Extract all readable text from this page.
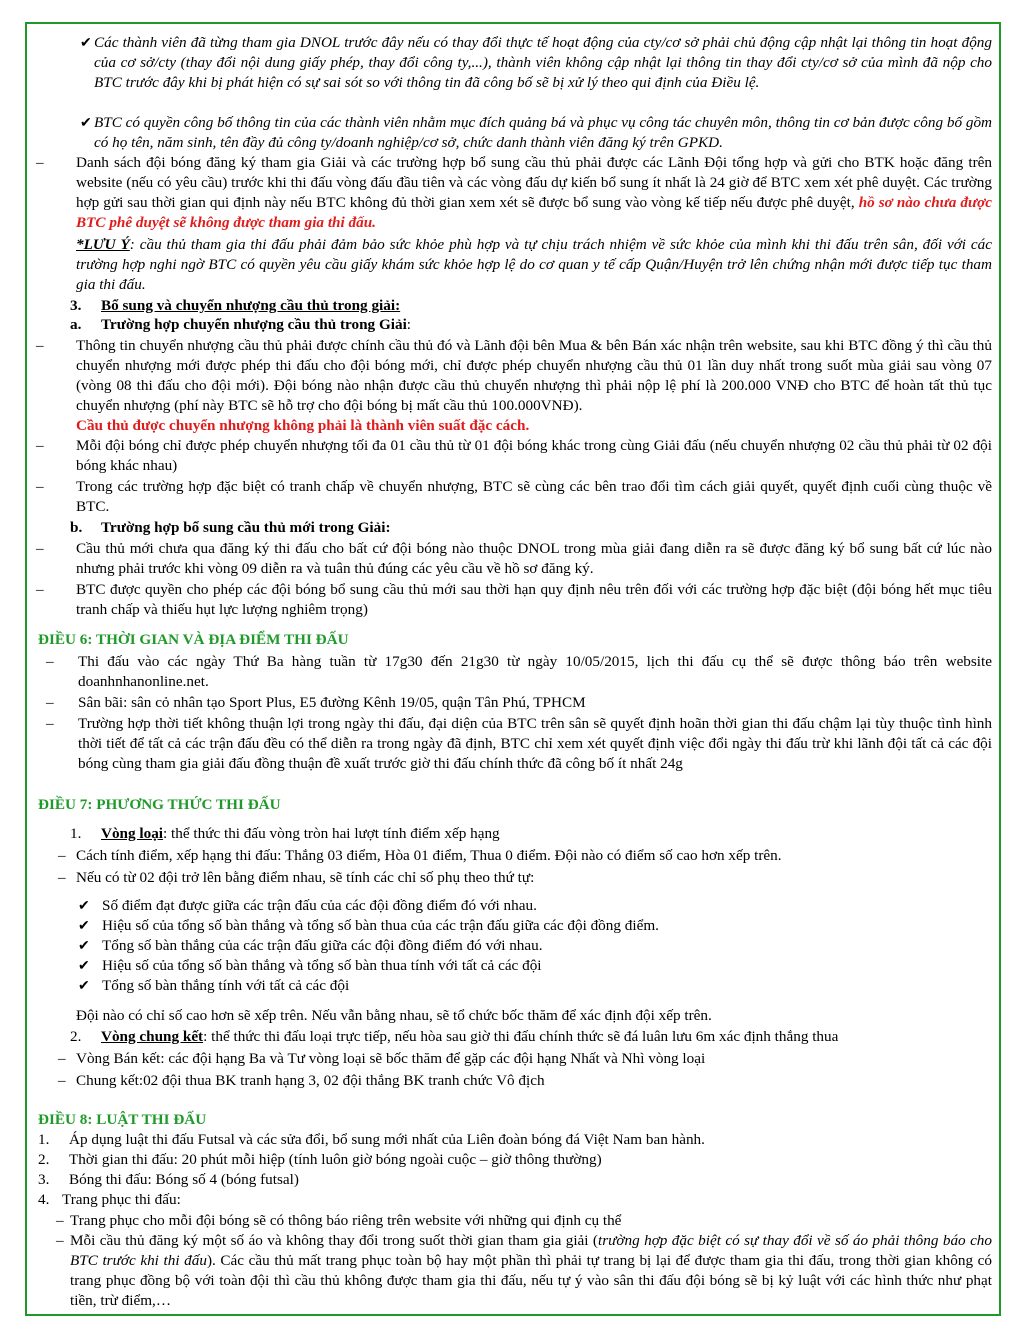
✔ Các thành viên đã từng tham gia DNOL trước đây nếu có thay đổi thực tế hoạt động của cty/cơ sở phải chủ động cập nhật lại thông tin hoạt động của cơ sở/cty (thay đổi nội dung giấy phép, thay đổi công ty,...), thành viên không cập nhật lại thông tin thay đổi cty/cơ sở của mình đã nộp cho BTC trước đây khi bị phát hiện có sự sai sót so với thông tin đã công bố sẽ bị xử lý theo qui định của Điều lệ.
✔ BTC có quyền công bố thông tin của các thành viên nhằm mục đích quảng bá và phục vụ công tác chuyên môn, thông tin cơ bản được công bố gồm có họ tên, năm sinh, tên đầy đủ công ty/doanh nghiệp/cơ sở, chức danh thành viên đăng ký trên GPKD.
– Danh sách đội bóng đăng ký tham gia Giải và các trường hợp bổ sung cầu thủ phải được các Lãnh Đội tổng hợp và gửi cho BTK hoặc đăng trên website (nếu có yêu cầu) trước khi thi đấu vòng đấu đầu tiên và các vòng đấu dự kiến bổ sung ít nhất là 24 giờ để BTC xem xét phê duyệt. Các trường hợp gửi sau thời gian qui định này nếu BTC không đủ thời gian xem xét sẽ được bổ sung vào vòng kế tiếp nếu được phê duyệt, hồ sơ nào chưa được BTC phê duyệt sẽ không được tham gia thi đấu.
*LƯU Ý: cầu thủ tham gia thi đấu phải đảm bảo sức khỏe phù hợp và tự chịu trách nhiệm về sức khỏe của mình khi thi đấu trên sân, đối với các trường hợp nghi ngờ BTC có quyền yêu cầu giấy khám sức khỏe hợp lệ do cơ quan y tế cấp Quận/Huyện trở lên chứng nhận mới được tiếp tục tham gia thi đấu.
3. Bổ sung và chuyển nhượng cầu thủ trong giải:
a. Trường hợp chuyển nhượng cầu thủ trong Giải:
– Thông tin chuyển nhượng cầu thủ phải được chính cầu thủ đó và Lãnh đội bên Mua & bên Bán xác nhận trên website, sau khi BTC đồng ý thì cầu thủ chuyển nhượng mới được phép thi đấu cho đội bóng mới, chỉ được phép chuyển nhượng cầu thủ 01 lần duy nhất trong suốt mùa giải sau vòng 07 (vòng 08 thi đấu cho đội mới). Đội bóng nào nhận được cầu thủ chuyển nhượng thì phải nộp lệ phí là 200.000 VNĐ cho BTC để hoàn tất thủ tục chuyển nhượng (phí này BTC sẽ hỗ trợ cho đội bóng bị mất cầu thủ 100.000VNĐ).
Cầu thủ được chuyển nhượng không phải là thành viên suất đặc cách.
– Mỗi đội bóng chỉ được phép chuyển nhượng tối đa 01 cầu thủ từ 01 đội bóng khác trong cùng Giải đấu (nếu chuyển nhượng 02 cầu thủ phải từ 02 đội bóng khác nhau)
– Trong các trường hợp đặc biệt có tranh chấp về chuyển nhượng, BTC sẽ cùng các bên trao đổi tìm cách giải quyết, quyết định cuối cùng thuộc về BTC.
b. Trường hợp bổ sung cầu thủ mới trong Giải:
– Cầu thủ mới chưa qua đăng ký thi đấu cho bất cứ đội bóng nào thuộc DNOL trong mùa giải đang diễn ra sẽ được đăng ký bổ sung bất cứ lúc nào nhưng phải trước khi vòng 09 diễn ra và tuân thủ đúng các yêu cầu về hồ sơ đăng ký.
– BTC được quyền cho phép các đội bóng bổ sung cầu thủ mới sau thời hạn quy định nêu trên đối với các trường hợp đặc biệt (đội bóng hết mục tiêu tranh chấp và thiếu hụt lực lượng nghiêm trọng)
ĐIỀU 6: THỜI GIAN VÀ ĐỊA ĐIỂM THI ĐẤU
– Thi đấu vào các ngày Thứ Ba hàng tuần từ 17g30 đến 21g30 từ ngày 10/05/2015, lịch thi đấu cụ thể sẽ được thông báo trên website doanhnhanonline.net.
– Sân bãi: sân cỏ nhân tạo Sport Plus, E5 đường Kênh 19/05, quận Tân Phú, TPHCM
– Trường hợp thời tiết không thuận lợi trong ngày thi đấu, đại diện của BTC trên sân sẽ quyết định hoãn thời gian thi đấu chậm lại tùy thuộc tình hình thời tiết để tất cả các trận đấu đều có thể diễn ra trong ngày đã định, BTC chỉ xem xét quyết định việc đổi ngày thi đấu trừ khi lãnh đội tất cả các đội bóng cùng tham gia giải đấu đồng thuận đề xuất trước giờ thi đấu chính thức đã công bố ít nhất 24g
ĐIỀU 7: PHƯƠNG THỨC THI ĐẤU
1. Vòng loại: thể thức thi đấu vòng tròn hai lượt tính điểm xếp hạng
– Cách tính điểm, xếp hạng thi đấu: Thắng 03 điểm, Hòa 01 điểm, Thua 0 điểm. Đội nào có điểm số cao hơn xếp trên.
– Nếu có từ 02 đội trở lên bằng điểm nhau, sẽ tính các chỉ số phụ theo thứ tự:
✔ Số điểm đạt được giữa các trận đấu của các đội đồng điểm đó với nhau.
✔ Hiệu số của tổng số bàn thắng và tổng số bàn thua của các trận đấu giữa các đội đồng điểm.
✔ Tổng số bàn thắng của các trận đấu giữa các đội đồng điểm đó với nhau.
✔ Hiệu số của tổng số bàn thắng và tổng số bàn thua tính với tất cả các đội
✔ Tổng số bàn thắng tính với tất cả các đội
Đội nào có chỉ số cao hơn sẽ xếp trên. Nếu vẫn bằng nhau, sẽ tổ chức bốc thăm để xác định đội xếp trên.
2. Vòng chung kết: thể thức thi đấu loại trực tiếp, nếu hòa sau giờ thi đấu chính thức sẽ đá luân lưu 6m xác định thắng thua
– Vòng Bán kết: các đội hạng Ba và Tư vòng loại sẽ bốc thăm để gặp các đội hạng Nhất và Nhì vòng loại
– Chung kết:02 đội thua BK tranh hạng 3, 02 đội thắng BK tranh chức Vô địch
ĐIỀU 8: LUẬT THI ĐẤU
1. Áp dụng luật thi đấu Futsal và các sửa đổi, bổ sung mới nhất của Liên đoàn bóng đá Việt Nam ban hành.
2. Thời gian thi đấu: 20 phút mỗi hiệp (tính luôn giờ bóng ngoài cuộc – giờ thông thường)
3. Bóng thi đấu: Bóng số 4 (bóng futsal)
4. Trang phục thi đấu:
– Trang phục cho mỗi đội bóng sẽ có thông báo riêng trên website với những qui định cụ thể
– Mỗi cầu thủ đăng ký một số áo và không thay đổi trong suốt thời gian tham gia giải (trường hợp đặc biệt có sự thay đổi về số áo phải thông báo cho BTC trước khi thi đấu). Các cầu thủ mất trang phục toàn bộ hay một phần thì phải tự trang bị lại để được tham gia thi đấu, trong thời gian không có trang phục đồng bộ với toàn đội thì cầu thủ không được tham gia thi đấu, nếu tự ý vào sân thi đấu đội bóng sẽ bị kỷ luật với các hình thức như phạt tiền, trừ điểm,…
